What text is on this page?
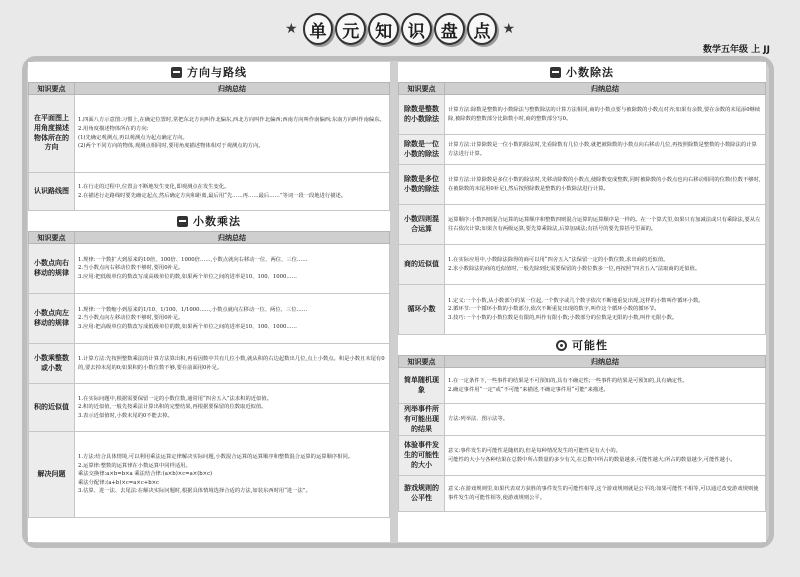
★ 单 元 知 识 盘 点 ★
数学五年级 上 JJ
方向与路线
知识要点	归纳总结
在平面图上用角度描述物体所在的方向	1.四面八方示意图:习惯上,在确定位置时,常把东北方向叫作北偏东,西北方向叫作北偏西;西南方向叫作南偏西;东南方向叫作南偏东。

2.用角度描述物体所在的方向:

(1)先确定观测点,再以观测点为起点确定方向。

(2)两个不同方向的物体,观测点相同时,要用角度描述物体相对于观测点的方向。

认识路线图	1.在行走的过程中,位置会不断地发生变化,即观测点在发生变化。

2.在描述行走路线时要先确定起点,然后确定方向和距离,最后用“先……再……最后……”等词一段一段地进行描述。

小数乘法
知识要点	归纳总结
小数点向右移动的规律	1.规律:一个数扩大到原来的10倍、100倍、1000倍……,小数点就向右移动一位、两位、三位……

2.当小数点向右移动位数不够时,要用0补足。

3.应用:把低级单位的数改写成高级单位的数,如果两个单位之间的进率是10、100、1000……

小数点向左移动的规律	1.规律:一个数缩小到原来的1/10、1/100、1/1000……,小数点就向左移动一位、两位、三位……

2.当小数点向左移动位数不够时,要用0补足。

3.应用:把高级单位的数改写成低级单位的数,如果两个单位之间的进率是10、100、1000……

小数乘整数或小数	1.计算方法:先按照整数乘法的计算方法算出积,再看因数中共有几位小数,就从积的右边起数出几位,点上小数点。积是小数且末尾有0的,要去掉末尾的0;如果积的小数位数不够,要在前面用0补足。

积的近似值	1.在实际问题中,根据需要保留一定的小数位数,通常用“四舍五入”法求积的近似值。

2.积的近似值,一般先按乘法计算出积的完整结果,再根据要保留的位数取近似值。

3.表示近似值时,小数末尾的0不能去掉。

解决问题	1.方法:结合具体情境,可以利用乘法运算定律解决实际问题,小数混合运算的运算顺序和整数混合运算的运算顺序相同。

2.运算律:整数的运算律在小数运算中同样适用。

乘法交换律:a×b=b×a 乘法结合律:(a×b)×c=a×(b×c)

乘法分配律:(a+b)×c=a×c+b×c

3.估算、进一法、去尾法:在解决实际问题时,根据具体情境选择合适的方法,如装东西时用“进一法”。

小数除法
知识要点	归纳总结
除数是整数的小数除法	计算方法:除数是整数的小数除法与整数除法的计算方法相同,商的小数点要与被除数的小数点对齐;如果有余数,要在余数的末尾添0继续除,被除数的整数部分比除数小时,商的整数部分写0。

除数是一位小数的除法	计算方法:计算除数是一位小数的除法时,先看除数有几位小数,就把被除数的小数点向右移动几位,再按照除数是整数的小数除法的计算方法进行计算。

除数是多位小数的除法	计算方法:计算除数是多位小数的除法时,先移动除数的小数点,使除数变成整数,同时被除数的小数点也向右移动相同的位数(位数不够时,在被除数的末尾用0补足),然后按照除数是整数的小数除法进行计算。

小数四则混合运算	运算顺序:小数四则混合运算的运算顺序和整数四则混合运算的运算顺序是一样的。在一个算式里,如果只有加减法或只有乘除法,要从左往右依次计算;如果含有两级运算,要先算乘除法,后算加减法;有括号的要先算括号里面的。

商的近似值	1.在实际应用中,小数除法除得的商可以用“四舍五入”法保留一定的小数位数,求出商的近似值。

2.求小数除法的商的近似值时,一般先除到比需要保留的小数位数多一位,再按照“四舍五入”法取商的近似值。

循环小数	1.定义:一个小数,从小数部分的某一位起,一个数字或几个数字依次不断地重复出现,这样的小数叫作循环小数。

2.循环节:一个循环小数的小数部分,依次不断重复出现的数字,叫作这个循环小数的循环节。

3.技巧:一个小数的小数位数是有限的,叫作有限小数;小数部分的位数是无限的小数,叫作无限小数。

可能性
知识要点	归纳总结
简单随机现象	1.在一定条件下,一些事件的结果是不可预知的,具有不确定性;一些事件的结果是可预知的,具有确定性。

2.确定事件用“一定”或“不可能”来描述,不确定事件用“可能”来描述。

列举事件所有可能出现的结果	方法:列举法、图示法等。

体验事件发生的可能性的大小	意义:事件发生的可能性是随机的,但是每种情况发生的可能性是有大小的。

可能性的大小与各种结果在总数中所占数量的多少有关,在总数中所占的数量越多,可能性越大;所占的数量越少,可能性越小。

游戏规则的公平性	意义:在游戏规则里,如果代表双方获胜的事件发生的可能性相等,这个游戏规则就是公平的;如果可能性不相等,可以通过改变游戏规则使事件发生的可能性相等,使游戏规则公平。
